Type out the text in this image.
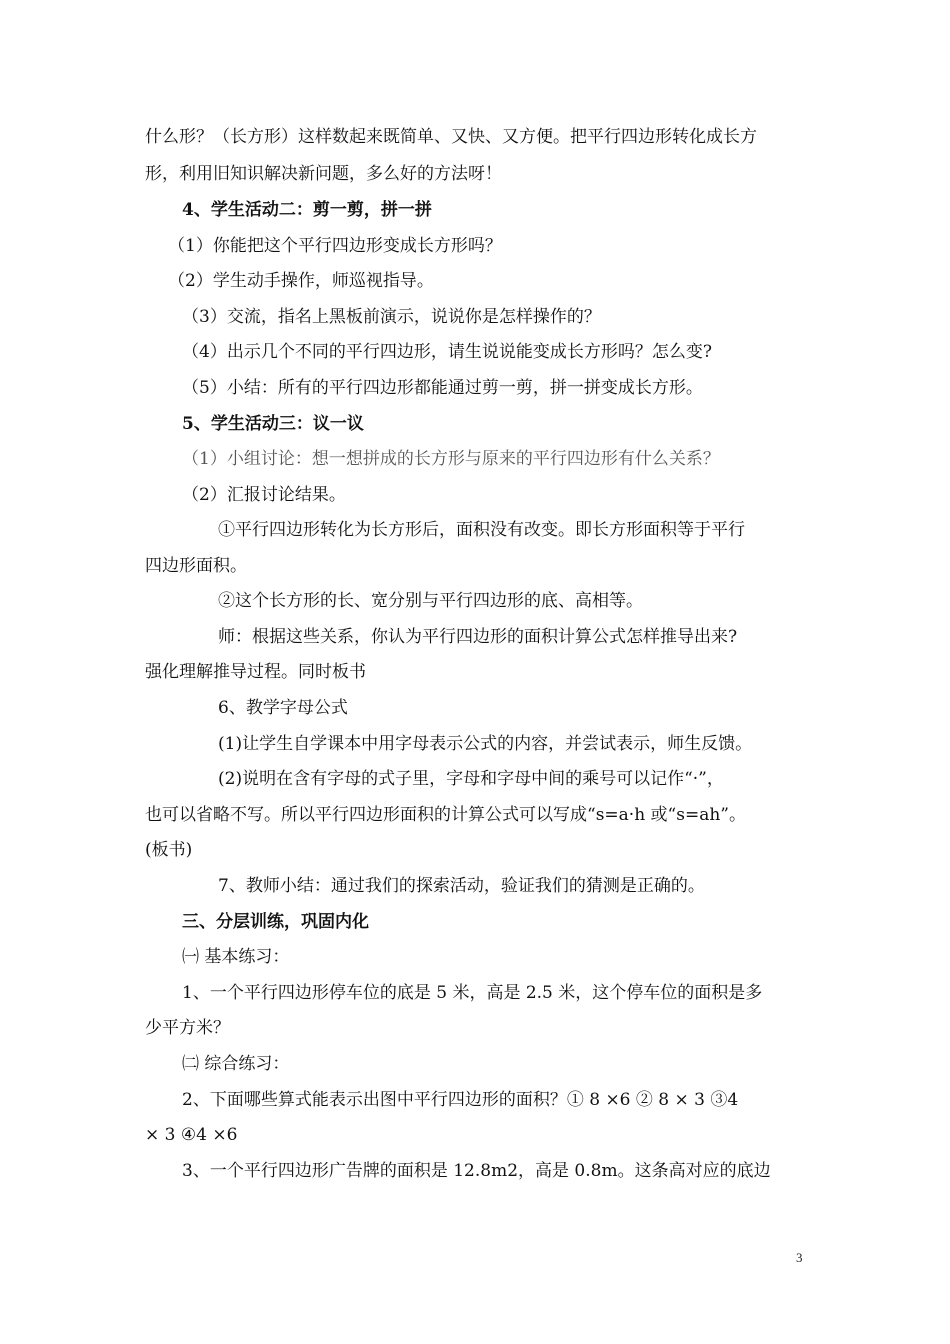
什么形？（长方形）这样数起来既简单、又快、又方便。把平行四边形转化成长方
形，利用旧知识解决新问题，多么好的方法呀！
4、学生活动二：剪一剪，拼一拼
（1）你能把这个平行四边形变成长方形吗？
（2）学生动手操作，师巡视指导。
（3）交流，指名上黑板前演示，说说你是怎样操作的？
（4）出示几个不同的平行四边形，请生说说能变成长方形吗？怎么变?
（5）小结：所有的平行四边形都能通过剪一剪，拼一拼变成长方形。
5、学生活动三：议一议
（1）小组讨论：想一想拼成的长方形与原来的平行四边形有什么关系？
（2）汇报讨论结果。
①平行四边形转化为长方形后，面积没有改变。即长方形面积等于平行
四边形面积。
②这个长方形的长、宽分别与平行四边形的底、高相等。
师：根据这些关系，你认为平行四边形的面积计算公式怎样推导出来?
强化理解推导过程。同时板书
6、教学字母公式
(1)让学生自学课本中用字母表示公式的内容，并尝试表示，师生反馈。
(2)说明在含有字母的式子里，字母和字母中间的乘号可以记作“·”，
也可以省略不写。所以平行四边形面积的计算公式可以写成“s=a·h 或“s=ah”。
(板书)
7、教师小结：通过我们的探索活动，验证我们的猜测是正确的。
三、分层训练，巩固内化
㈠ 基本练习：
1、一个平行四边形停车位的底是 5 米，高是 2.5 米，这个停车位的面积是多
少平方米？
㈡ 综合练习：
2、下面哪些算式能表示出图中平行四边形的面积？① 8 ×6 ② 8 × 3 ③4
× 3 ④4 ×6
3、一个平行四边形广告牌的面积是 12.8m2，高是 0.8m。这条高对应的底边
3
